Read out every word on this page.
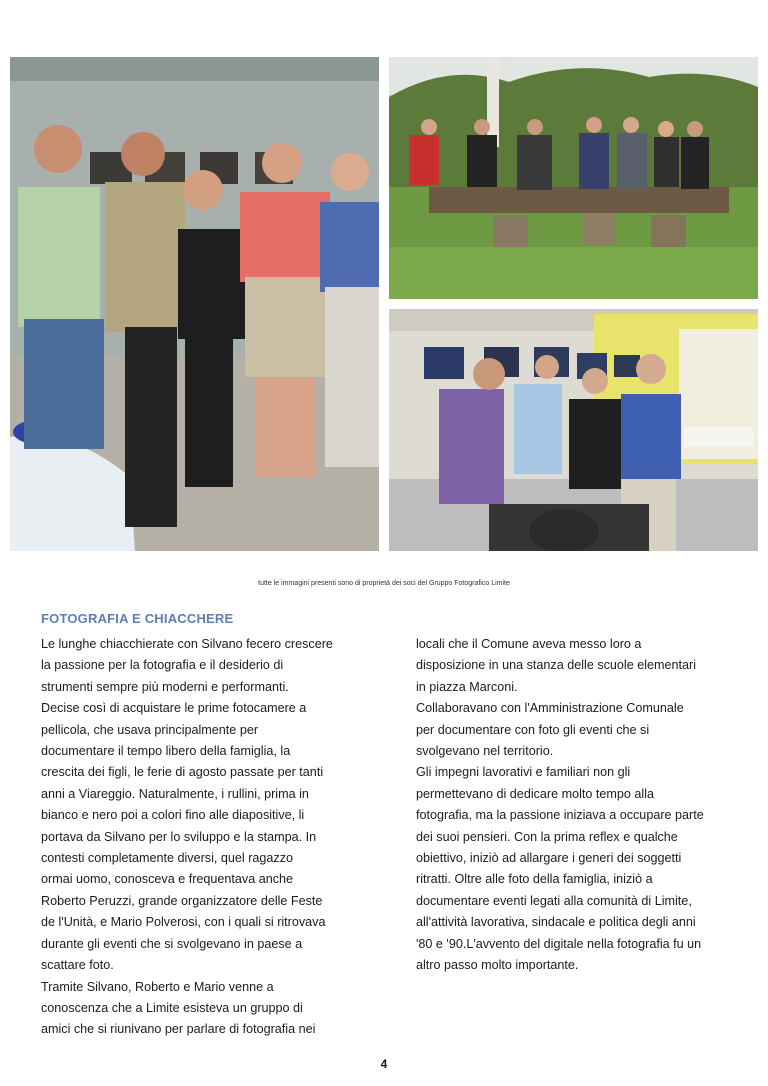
tutte le immagini presenti sono di proprietà dei soci del Gruppo Fotografico Limite
FOTOGRAFIA E CHIACCHERE

Le lunghe chiacchierate con Silvano fecero crescere

la passione per la fotografia e il desiderio di

strumenti sempre più moderni e performanti.

Decise così di acquistare le prime fotocamere a

pellicola, che usava principalmente per

documentare il tempo libero della famiglia, la

crescita dei figli, le ferie di agosto passate per tanti

anni a Viareggio. Naturalmente, i rullini, prima in

bianco e nero poi a colori fino alle diapositive, li

portava da Silvano per lo sviluppo e la stampa. In

contesti completamente diversi, quel ragazzo

ormai uomo, conosceva e frequentava anche

Roberto Peruzzi, grande organizzatore delle Feste

de l'Unità, e Mario Polverosi, con i quali si ritrovava

durante gli eventi che si svolgevano in paese a

scattare foto.

Tramite Silvano, Roberto e Mario venne a

conoscenza che a Limite esisteva un gruppo di

amici che si riunivano per parlare di fotografia nei

locali che il Comune aveva messo loro a

disposizione in una stanza delle scuole elementari

in piazza Marconi.

Collaboravano con l'Amministrazione Comunale

per documentare con foto gli eventi che si

svolgevano nel territorio.

Gli impegni lavorativi e familiari non gli

permettevano di dedicare molto tempo alla

fotografia, ma la passione iniziava a occupare parte

dei suoi pensieri. Con la prima reflex e qualche

obiettivo, iniziò ad allargare i generi dei soggetti

ritratti. Oltre alle foto della famiglia, iniziò a

documentare eventi legati alla comunità di Limite,

all'attività lavorativa, sindacale e politica degli anni

'80 e '90.L'avvento del digitale nella fotografia fu un

altro passo molto importante.

4
